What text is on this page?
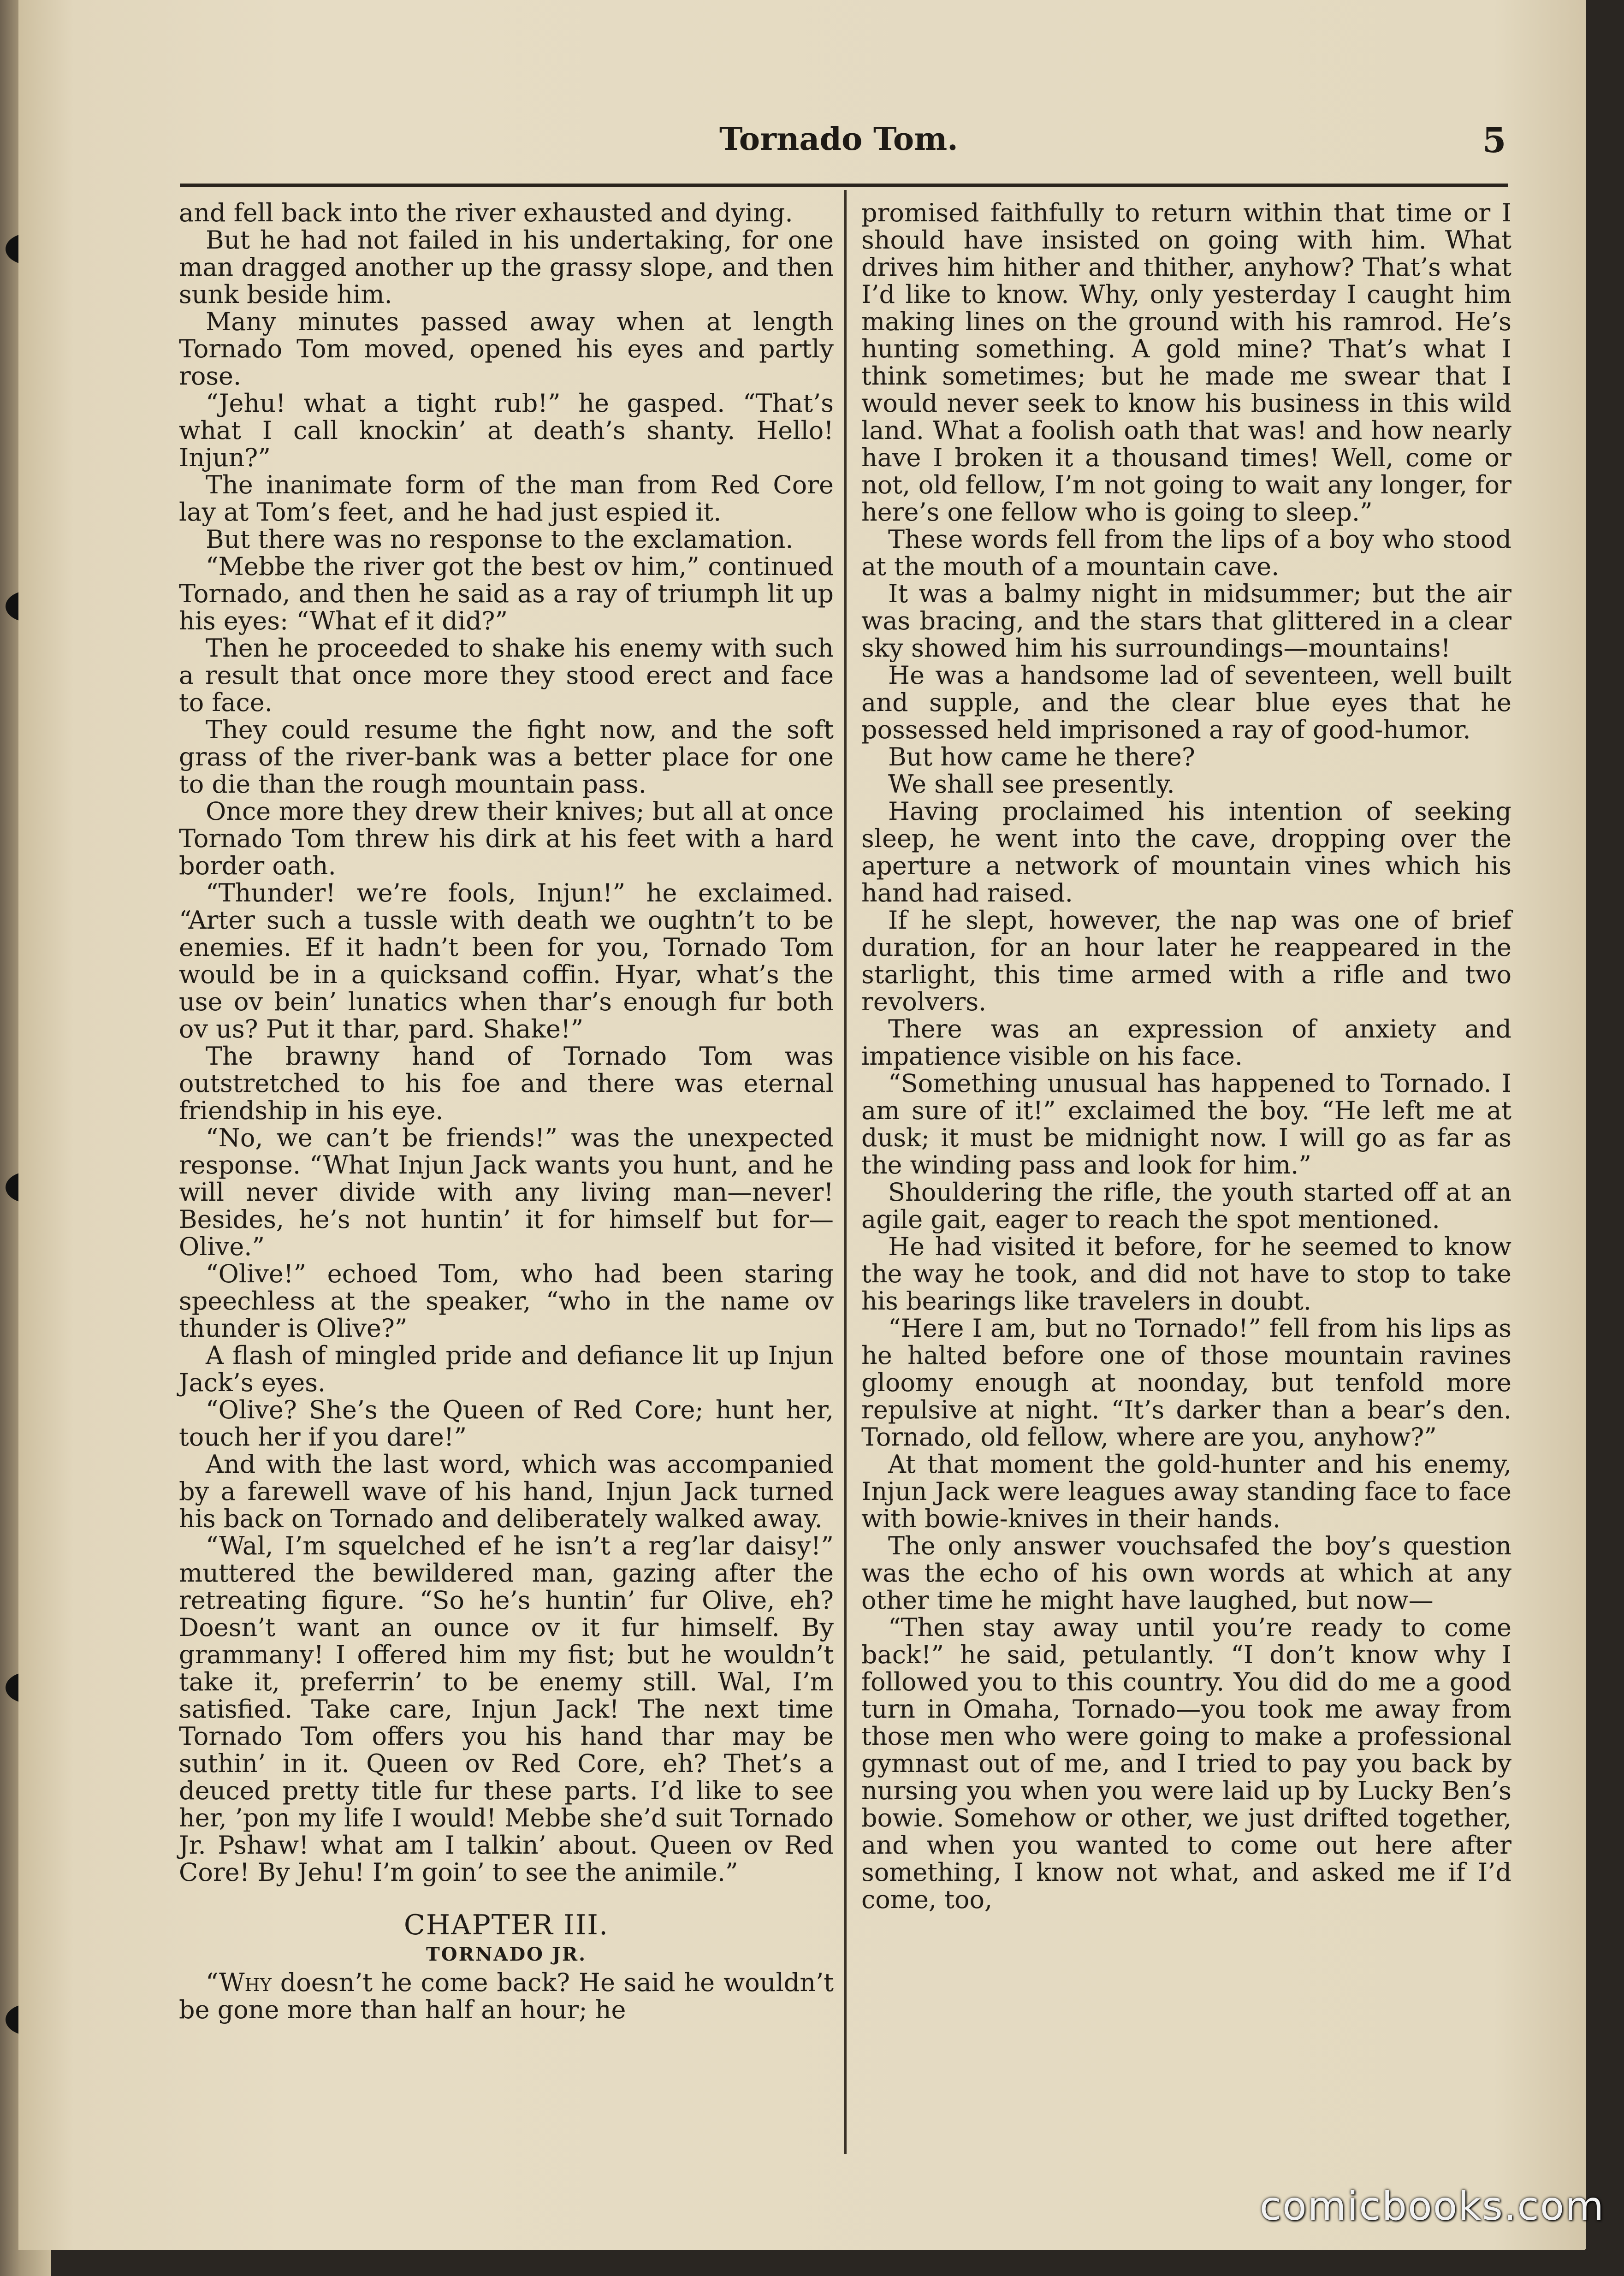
Tornado Tom.	5

and fell back into the river exhausted and dying.

But he had not failed in his undertaking, for one man dragged another up the grassy slope, and then sunk beside him.

Many minutes passed away when at length Tornado Tom moved, opened his eyes and partly rose.

“Jehu! what a tight rub!” he gasped. “That’s what I call knockin’ at death’s shanty. Hello! Injun?”

The inanimate form of the man from Red Core lay at Tom’s feet, and he had just espied it.

But there was no response to the exclamation.

“Mebbe the river got the best ov him,” continued Tornado, and then he said as a ray of triumph lit up his eyes: “What ef it did?”

Then he proceeded to shake his enemy with such a result that once more they stood erect and face to face.

They could resume the fight now, and the soft grass of the river-bank was a better place for one to die than the rough mountain pass.

Once more they drew their knives; but all at once Tornado Tom threw his dirk at his feet with a hard border oath.

“Thunder! we’re fools, Injun!” he exclaimed. “Arter such a tussle with death we oughtn’t to be enemies. Ef it hadn’t been for you, Tornado Tom would be in a quicksand coffin. Hyar, what’s the use ov bein’ lunatics when thar’s enough fur both ov us? Put it thar, pard. Shake!”

The brawny hand of Tornado Tom was outstretched to his foe and there was eternal friendship in his eye.

“No, we can’t be friends!” was the unexpected response. “What Injun Jack wants you hunt, and he will never divide with any living man—never! Besides, he’s not huntin’ it for himself but for—Olive.”

“Olive!” echoed Tom, who had been staring speechless at the speaker, “who in the name ov thunder is Olive?”

A flash of mingled pride and defiance lit up Injun Jack’s eyes.

“Olive? She’s the Queen of Red Core; hunt her, touch her if you dare!”

And with the last word, which was accompanied by a farewell wave of his hand, Injun Jack turned his back on Tornado and deliberately walked away.

“Wal, I’m squelched ef he isn’t a reg’lar daisy!” muttered the bewildered man, gazing after the retreating figure. “So he’s huntin’ fur Olive, eh? Doesn’t want an ounce ov it fur himself. By grammany! I offered him my fist; but he wouldn’t take it, preferrin’ to be enemy still. Wal, I’m satisfied. Take care, Injun Jack! The next time Tornado Tom offers you his hand thar may be suthin’ in it. Queen ov Red Core, eh? Thet’s a deuced pretty title fur these parts. I’d like to see her, ’pon my life I would! Mebbe she’d suit Tornado Jr. Pshaw! what am I talkin’ about. Queen ov Red Core! By Jehu! I’m goin’ to see the animile.”

CHAPTER III.
TORNADO JR.

“Why doesn’t he come back? He said he wouldn’t be gone more than half an hour; he

promised faithfully to return within that time or I should have insisted on going with him. What drives him hither and thither, anyhow? That’s what I’d like to know. Why, only yesterday I caught him making lines on the ground with his ramrod. He’s hunting something. A gold mine? That’s what I think sometimes; but he made me swear that I would never seek to know his business in this wild land. What a foolish oath that was! and how nearly have I broken it a thousand times! Well, come or not, old fellow, I’m not going to wait any longer, for here’s one fellow who is going to sleep.”

These words fell from the lips of a boy who stood at the mouth of a mountain cave.

It was a balmy night in midsummer; but the air was bracing, and the stars that glittered in a clear sky showed him his surroundings—mountains!

He was a handsome lad of seventeen, well built and supple, and the clear blue eyes that he possessed held imprisoned a ray of good-humor.

But how came he there?

We shall see presently.

Having proclaimed his intention of seeking sleep, he went into the cave, dropping over the aperture a network of mountain vines which his hand had raised.

If he slept, however, the nap was one of brief duration, for an hour later he reappeared in the starlight, this time armed with a rifle and two revolvers.

There was an expression of anxiety and impatience visible on his face.

“Something unusual has happened to Tornado. I am sure of it!” exclaimed the boy. “He left me at dusk; it must be midnight now. I will go as far as the winding pass and look for him.”

Shouldering the rifle, the youth started off at an agile gait, eager to reach the spot mentioned.

He had visited it before, for he seemed to know the way he took, and did not have to stop to take his bearings like travelers in doubt.

“Here I am, but no Tornado!” fell from his lips as he halted before one of those mountain ravines gloomy enough at noonday, but tenfold more repulsive at night. “It’s darker than a bear’s den. Tornado, old fellow, where are you, anyhow?”

At that moment the gold-hunter and his enemy, Injun Jack were leagues away standing face to face with bowie-knives in their hands.

The only answer vouchsafed the boy’s question was the echo of his own words at which at any other time he might have laughed, but now—

“Then stay away until you’re ready to come back!” he said, petulantly. “I don’t know why I followed you to this country. You did do me a good turn in Omaha, Tornado—you took me away from those men who were going to make a professional gymnast out of me, and I tried to pay you back by nursing you when you were laid up by Lucky Ben’s bowie. Somehow or other, we just drifted together, and when you wanted to come out here after something, I know not what, and asked me if I’d come, too,

comicbooks.com
